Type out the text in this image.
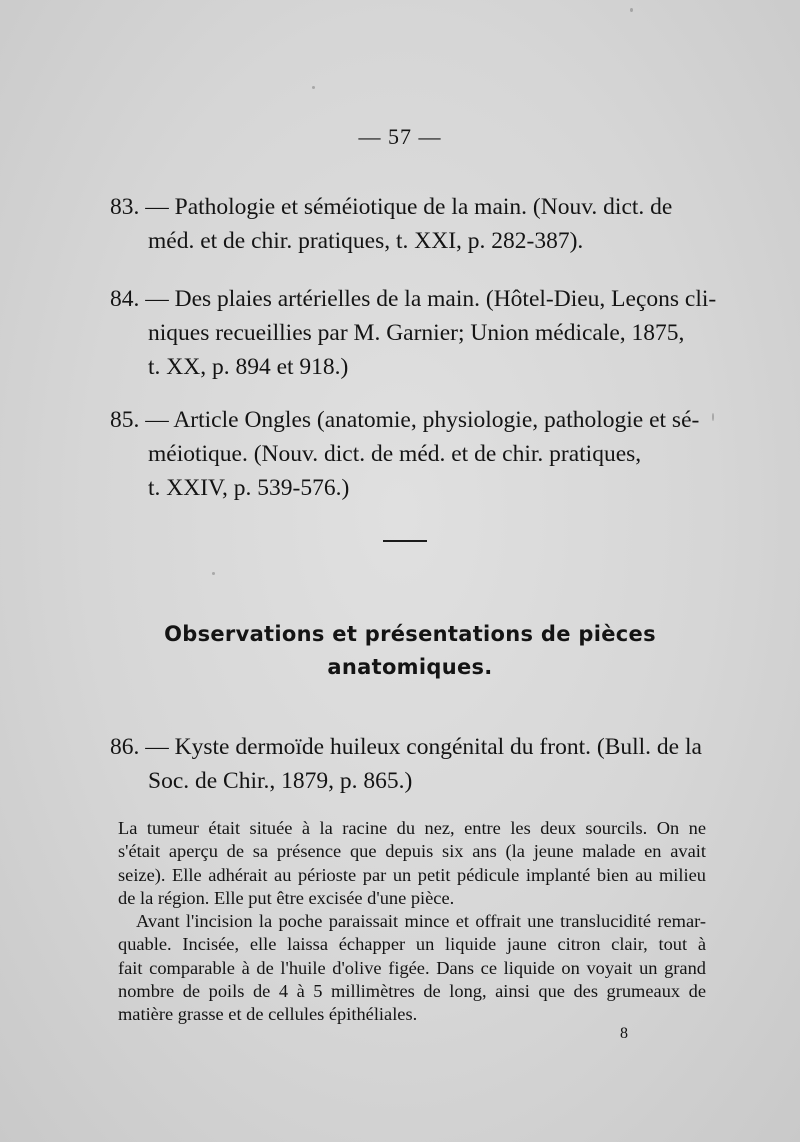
— 57 —
83. — Pathologie et séméiotique de la main. (Nouv. dict. de
méd. et de chir. pratiques, t. XXI, p. 282-387).
84. — Des plaies artérielles de la main. (Hôtel-Dieu, Leçons cli-
niques recueillies par M. Garnier; Union médicale, 1875,
t. XX, p. 894 et 918.)
85. — Article Ongles (anatomie, physiologie, pathologie et sé-
méiotique. (Nouv. dict. de méd. et de chir. pratiques,
t. XXIV, p. 539-576.)
Observations et présentations de pièces
anatomiques.
86. — Kyste dermoïde huileux congénital du front. (Bull. de la
Soc. de Chir., 1879, p. 865.)
La tumeur était située à la racine du nez, entre les deux sourcils. On ne
s'était aperçu de sa présence que depuis six ans (la jeune malade en avait
seize). Elle adhérait au périoste par un petit pédicule implanté bien au milieu
de la région. Elle put être excisée d'une pièce.
Avant l'incision la poche paraissait mince et offrait une translucidité remar-
quable. Incisée, elle laissa échapper un liquide jaune citron clair, tout à
fait comparable à de l'huile d'olive figée. Dans ce liquide on voyait un grand
nombre de poils de 4 à 5 millimètres de long, ainsi que des grumeaux de
matière grasse et de cellules épithéliales.
8
